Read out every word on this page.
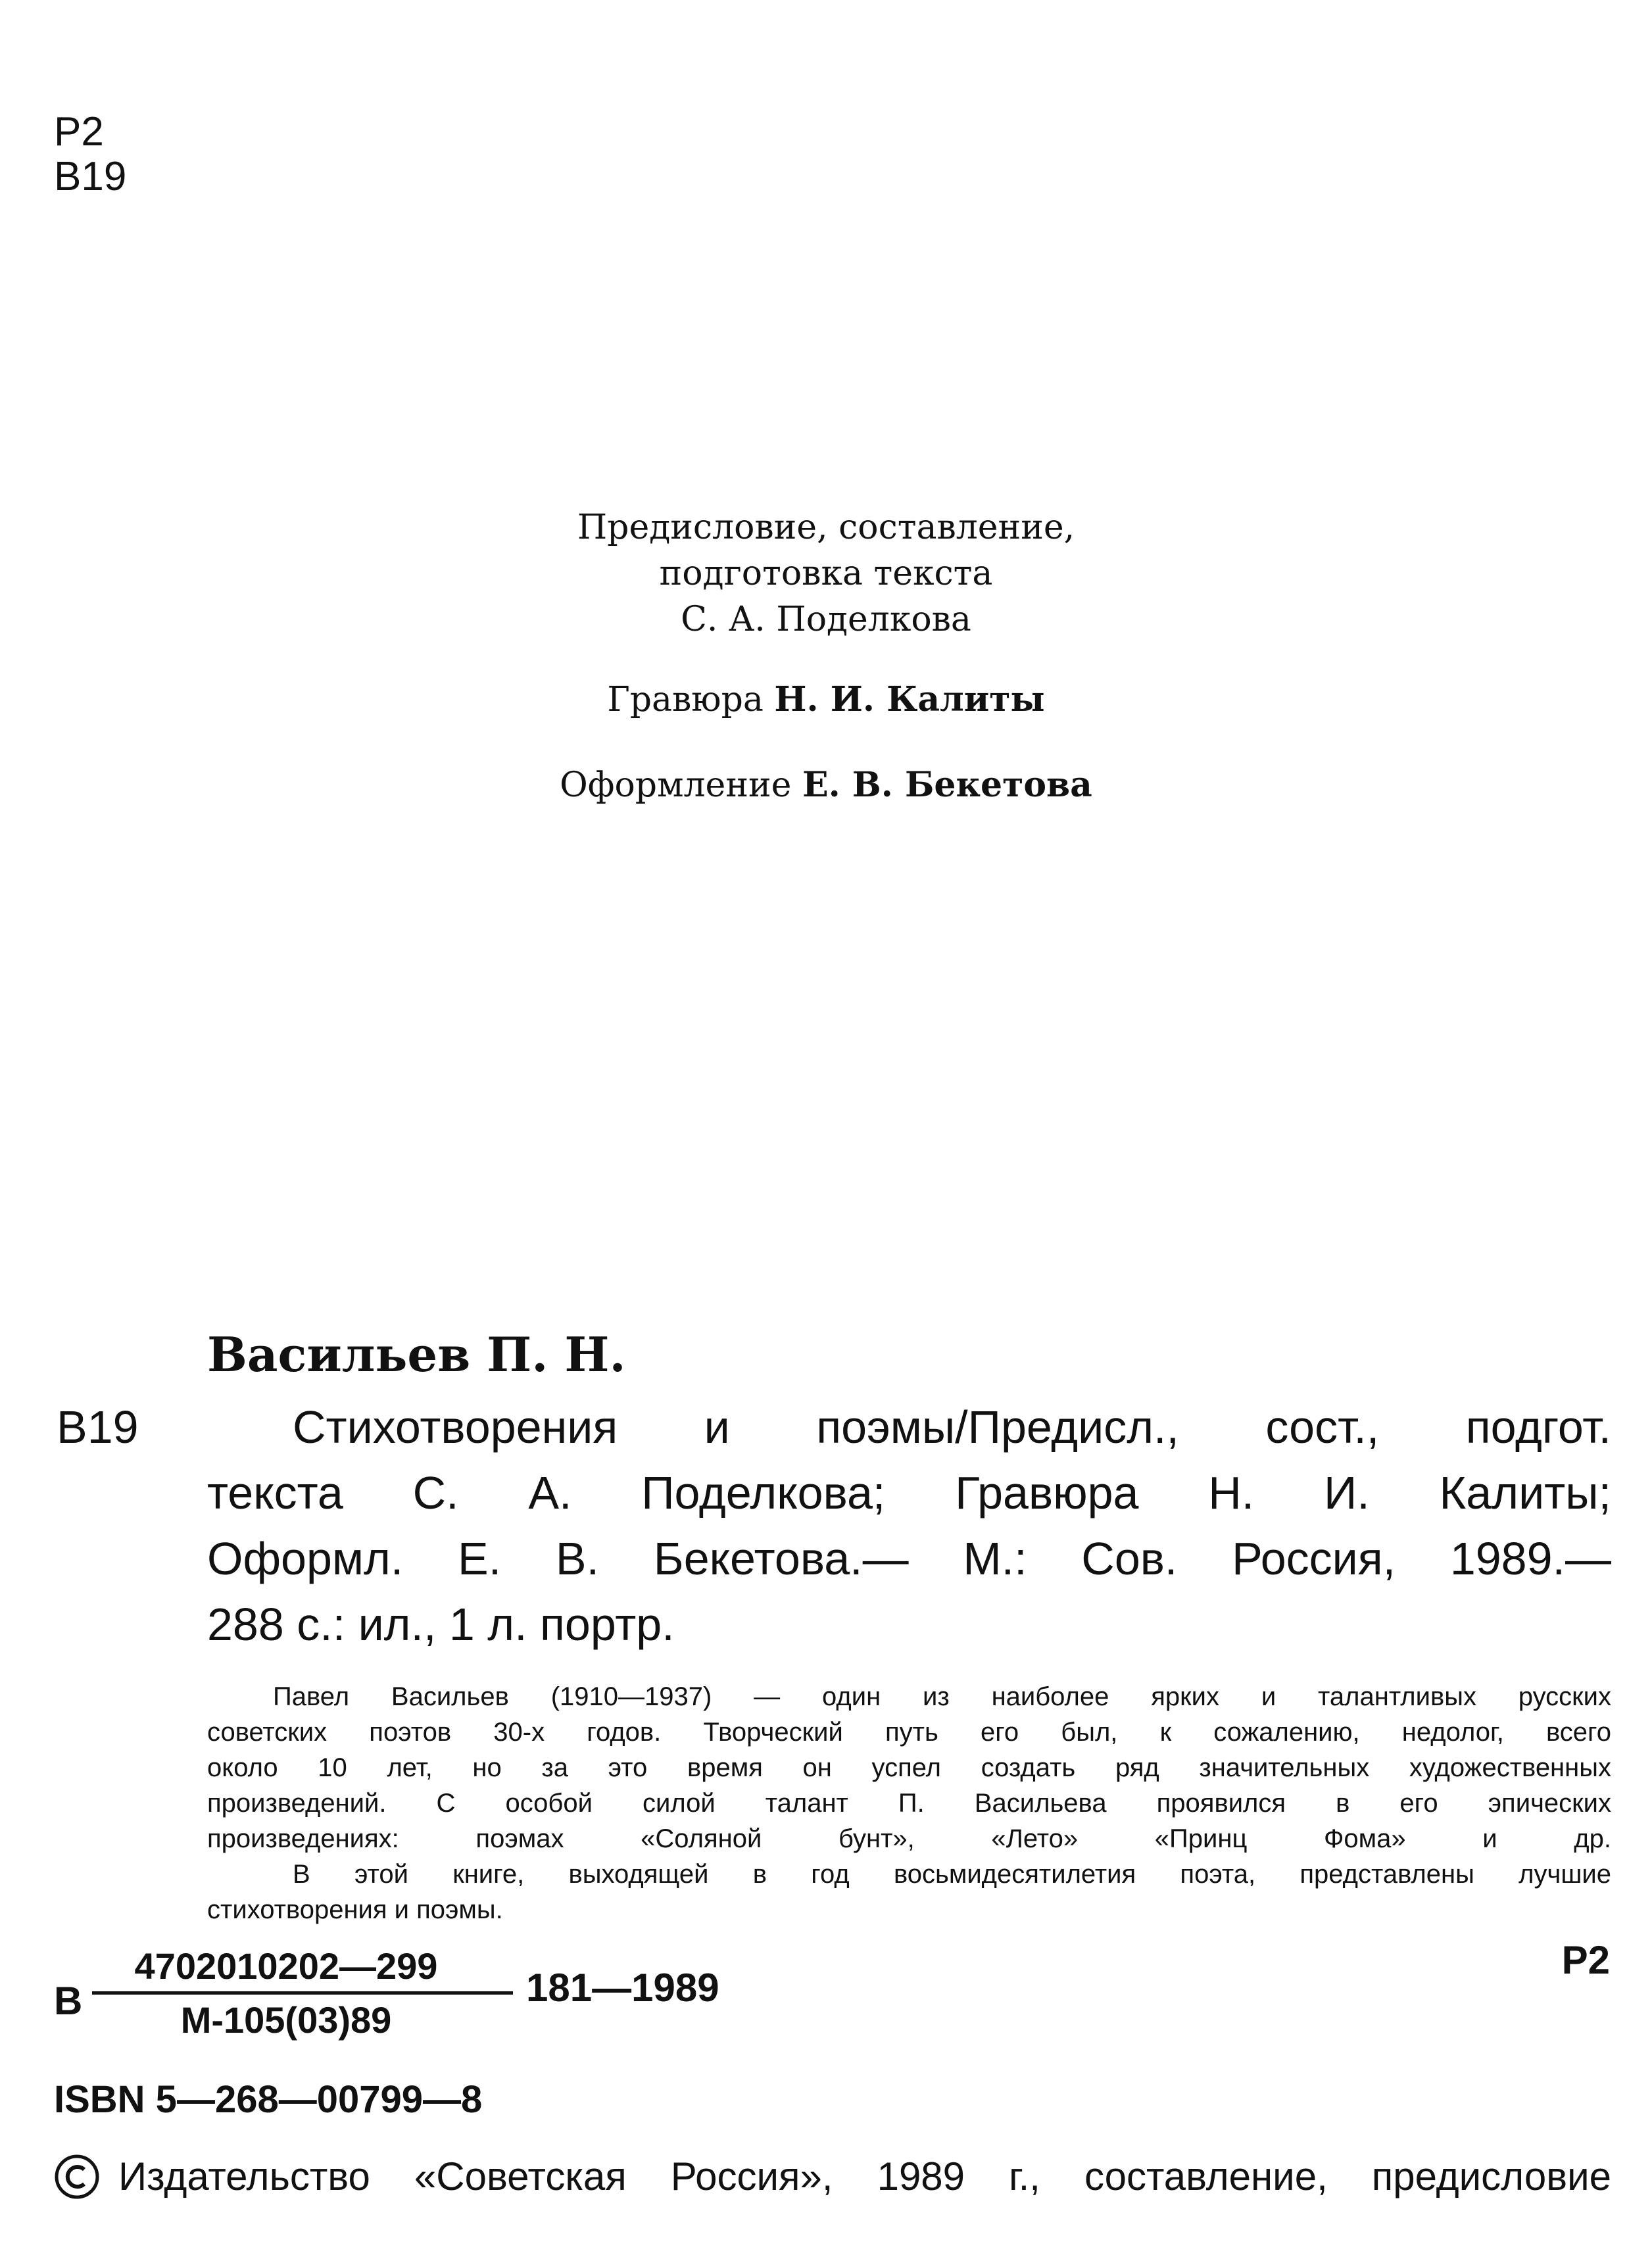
Р2
В19
Предисловие, составление,
подготовка текста
С. А. Поделкова
Гравюра Н. И. Калиты
Оформление Е. В. Бекетова
Васильев П. Н.
В19	Стихотворения и поэмы/Предисл., сост., подгот.
текста С. А. Поделкова; Гравюра Н. И. Калиты;
Оформл. Е. В. Бекетова.— М.: Сов. Россия, 1989.—
288 с.: ил., 1 л. портр.
Павел Васильев (1910—1937) — один из наиболее ярких и талантливых русских
советских поэтов 30-х годов. Творческий путь его был, к сожалению, недолог, всего
около 10 лет, но за это время он успел создать ряд значительных художественных
произведений. С особой силой талант П. Васильева проявился в его эпических
произведениях: поэмах «Соляной бунт», «Лето» «Принц Фома» и др.
В этой книге, выходящей в год восьмидесятилетия поэта, представлены лучшие
стихотворения и поэмы.
Р2
В
4702010202—299
М-105(03)89
181—1989
ISBN 5—268—00799—8
Издательство «Советская Россия», 1989 г., составление, предисловие
